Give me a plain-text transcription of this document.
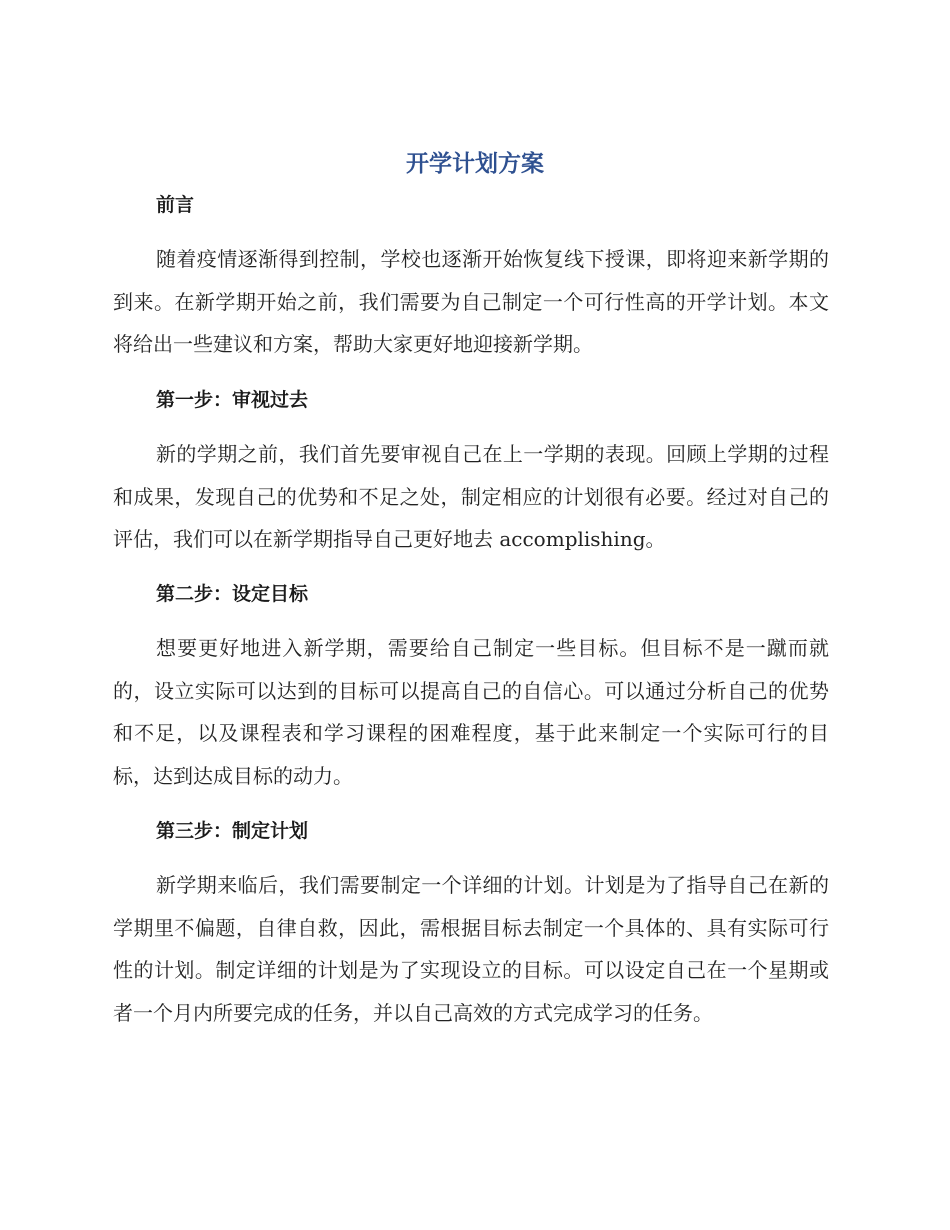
开学计划方案
前言

随着疫情逐渐得到控制，学校也逐渐开始恢复线下授课，即将迎来新学期的到来。在新学期开始之前，我们需要为自己制定一个可行性高的开学计划。本文将给出一些建议和方案，帮助大家更好地迎接新学期。

第一步：审视过去

新的学期之前，我们首先要审视自己在上一学期的表现。回顾上学期的过程和成果，发现自己的优势和不足之处，制定相应的计划很有必要。经过对自己的评估，我们可以在新学期指导自己更好地去 accomplishing。

第二步：设定目标

想要更好地进入新学期，需要给自己制定一些目标。但目标不是一蹴而就的，设立实际可以达到的目标可以提高自己的自信心。可以通过分析自己的优势和不足，以及课程表和学习课程的困难程度，基于此来制定一个实际可行的目标，达到达成目标的动力。

第三步：制定计划

新学期来临后，我们需要制定一个详细的计划。计划是为了指导自己在新的学期里不偏题，自律自救，因此，需根据目标去制定一个具体的、具有实际可行性的计划。制定详细的计划是为了实现设立的目标。可以设定自己在一个星期或者一个月内所要完成的任务，并以自己高效的方式完成学习的任务。
